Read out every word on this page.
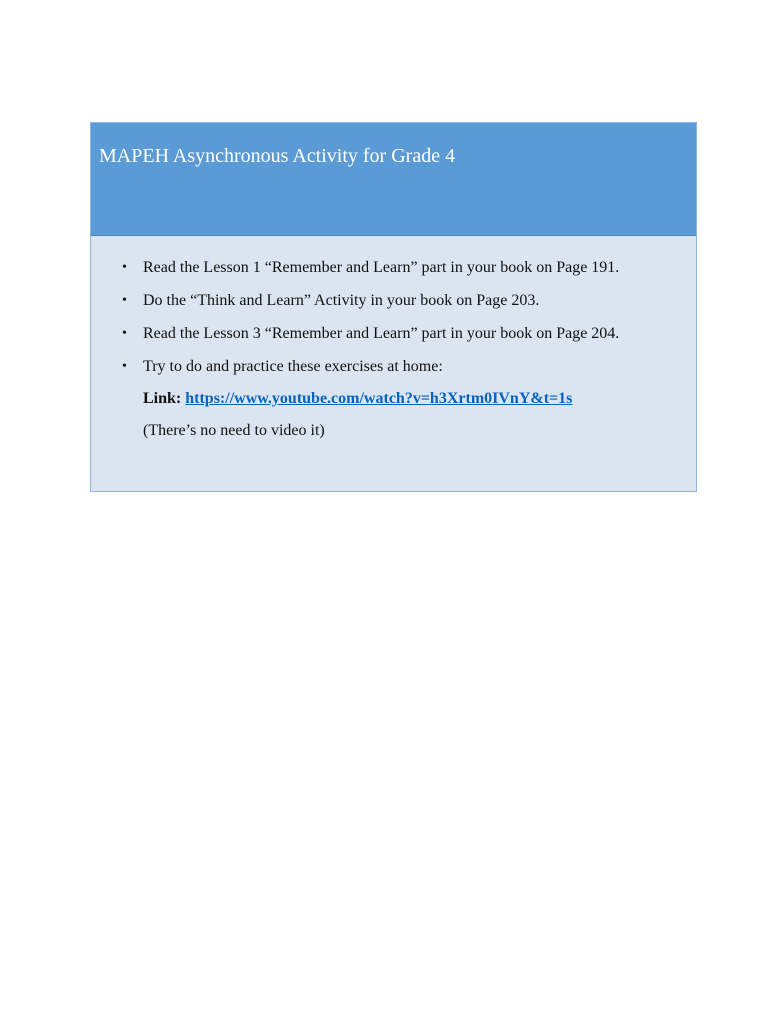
MAPEH Asynchronous Activity for Grade 4
• Read the Lesson 1 “Remember and Learn” part in your book on Page 191.
• Do the “Think and Learn” Activity in your book on Page 203.
• Read the Lesson 3 “Remember and Learn” part in your book on Page 204.
• Try to do and practice these exercises at home:
Link: https://www.youtube.com/watch?v=h3Xrtm0IVnY&t=1s
(There’s no need to video it)
